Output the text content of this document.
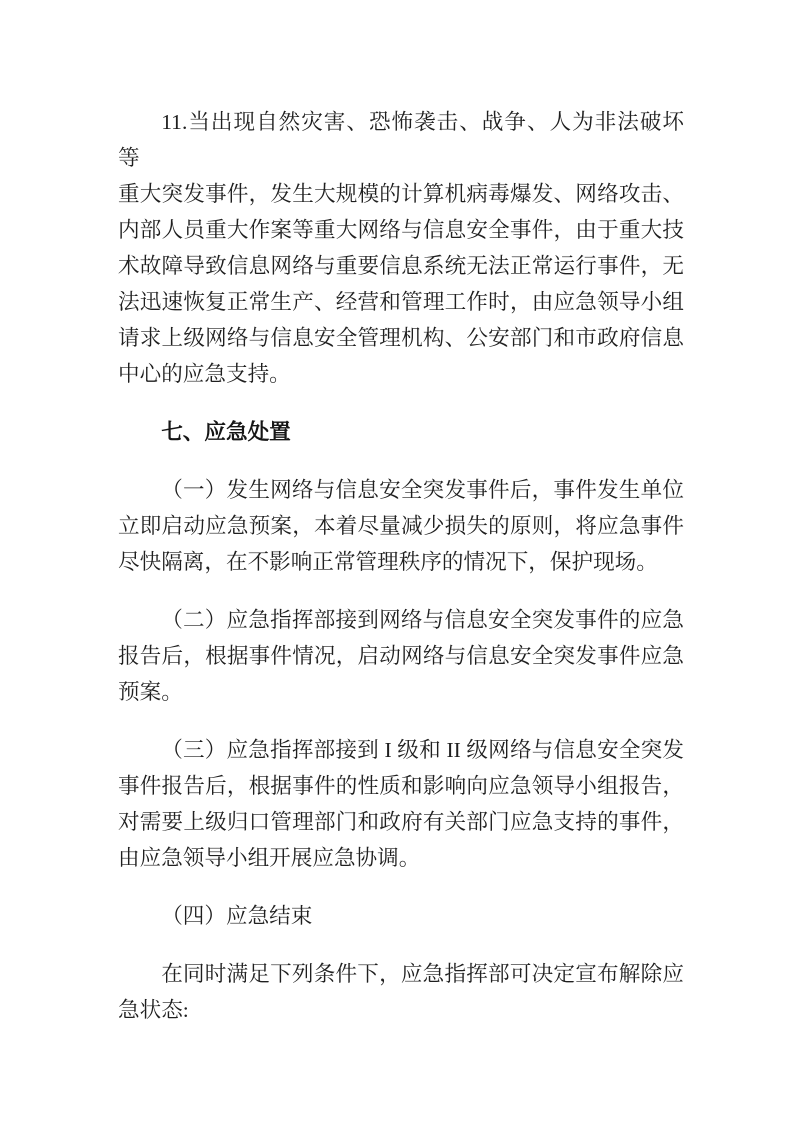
11.当出现自然灾害、恐怖袭击、战争、人为非法破坏等
重大突发事件，发生大规模的计算机病毒爆发、网络攻击、
内部人员重大作案等重大网络与信息安全事件，由于重大技
术故障导致信息网络与重要信息系统无法正常运行事件，无
法迅速恢复正常生产、经营和管理工作时，由应急领导小组
请求上级网络与信息安全管理机构、公安部门和市政府信息
中心的应急支持。
七、应急处置
（一）发生网络与信息安全突发事件后，事件发生单位
立即启动应急预案，本着尽量减少损失的原则，将应急事件
尽快隔离，在不影响正常管理秩序的情况下，保护现场。
（二）应急指挥部接到网络与信息安全突发事件的应急
报告后，根据事件情况，启动网络与信息安全突发事件应急
预案。
（三）应急指挥部接到 I 级和 II 级网络与信息安全突发
事件报告后，根据事件的性质和影响向应急领导小组报告，
对需要上级归口管理部门和政府有关部门应急支持的事件，
由应急领导小组开展应急协调。
（四）应急结束
在同时满足下列条件下，应急指挥部可决定宣布解除应
急状态:
